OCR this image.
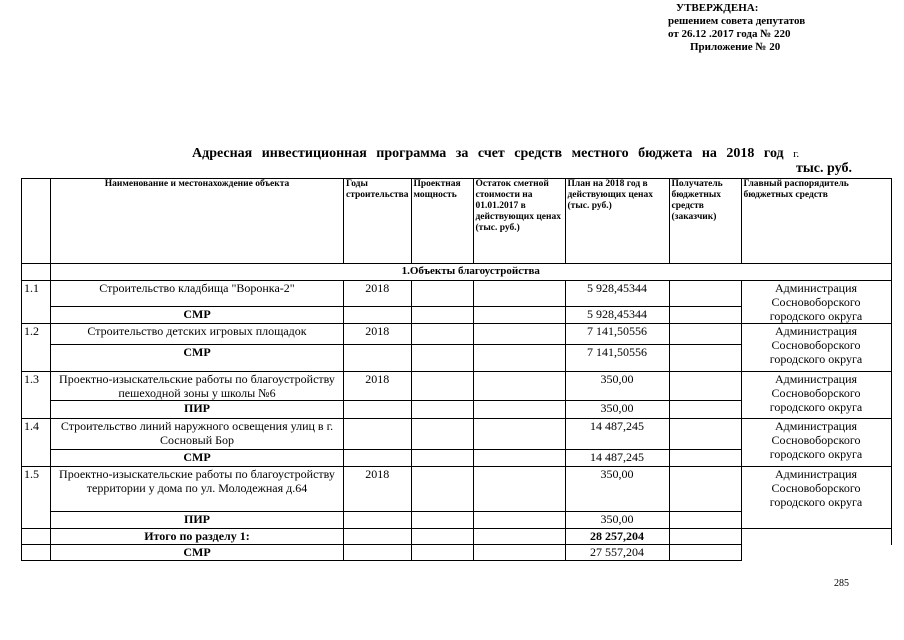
УТВЕРЖДЕНА:
решением совета депутатов
от 26.12 .2017 года № 220
Приложение № 20
Адресная инвестиционная программа за счет средств местного бюджета на 2018 год г.
тыс. руб.
	Наименование и местонахождение объекта	Годы строительства	Проектная мощность	Остаток сметной стоимости на 01.01.2017 в действующих ценах (тыс. руб.)	План на 2018 год в действующих ценах (тыс. руб.)	Получатель бюджетных средств (заказчик)	Главный распорядитель бюджетных средств
	1.Объекты благоустройства						
1.1	Строительство кладбища "Воронка-2"	2018			5 928,45344		Администрация Сосновоборского городского округа
	СМР				5 928,45344		
1.2	Строительство детских игровых площадок	2018			7 141,50556		Администрация Сосновоборского городского округа
	СМР				7 141,50556		
1.3	Проектно-изыскательские работы по благоустройству пешеходной зоны у школы №6	2018			350,00		Администрация Сосновоборского городского округа
	ПИР				350,00		
1.4	Строительство линий наружного освещения улиц в г. Сосновый Бор				14 487,245		Администрация Сосновоборского городского округа
	СМР				14 487,245		
1.5	Проектно-изыскательские работы по благоустройству территории у дома по ул. Молодежная д.64	2018			350,00		Администрация Сосновоборского городского округа
	ПИР				350,00		
	Итого по разделу 1:				28 257,204		
	СМР				27 557,204		
285
